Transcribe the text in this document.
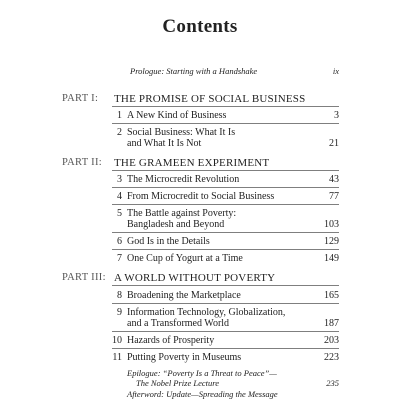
Contents
Prologue: Starting with a Handshake	ix
PART I: THE PROMISE OF SOCIAL BUSINESS
1 A New Kind of Business	3
2 Social Business: What It Is
and What It Is Not	21
PART II: THE GRAMEEN EXPERIMENT
3 The Microcredit Revolution	43
4 From Microcredit to Social Business	77
5 The Battle against Poverty:
Bangladesh and Beyond	103
6 God Is in the Details	129
7 One Cup of Yogurt at a Time	149
PART III: A WORLD WITHOUT POVERTY
8 Broadening the Marketplace	165
9 Information Technology, Globalization,
and a Transformed World	187
10 Hazards of Prosperity	203
11 Putting Poverty in Museums	223
Epilogue: “Poverty Is a Threat to Peace”—
The Nobel Prize Lecture	235
Afterword: Update—Spreading the Message
